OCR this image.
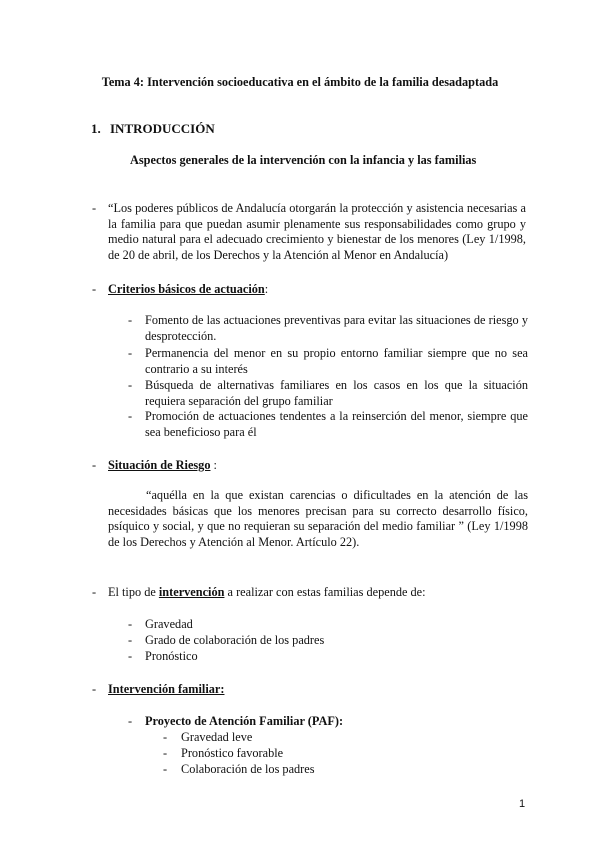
Tema 4: Intervención socioeducativa en el ámbito de la familia desadaptada
1. INTRODUCCIÓN
Aspectos generales de la intervención con la infancia y las familias
- “Los poderes públicos de Andalucía otorgarán la protección y asistencia necesarias a la familia para que puedan asumir plenamente sus responsabilidades como grupo y medio natural para el adecuado crecimiento y bienestar de los menores (Ley 1/1998, de 20 de abril, de los Derechos y la Atención al Menor en Andalucía)
- Criterios básicos de actuación:
- Fomento de las actuaciones preventivas para evitar las situaciones de riesgo y desprotección.
- Permanencia del menor en su propio entorno familiar siempre que no sea contrario a su interés
- Búsqueda de alternativas familiares en los casos en los que la situación requiera separación del grupo familiar
- Promoción de actuaciones tendentes a la reinserción del menor, siempre que sea beneficioso para él
- Situación de Riesgo :
“aquélla en la que existan carencias o dificultades en la atención de las necesidades básicas que los menores precisan para su correcto desarrollo físico, psíquico y social, y que no requieran su separación del medio familiar ” (Ley 1/1998 de los Derechos y Atención al Menor. Artículo 22).
- El tipo de intervención a realizar con estas familias depende de:
- Gravedad
- Grado de colaboración de los padres
- Pronóstico
- Intervención familiar:
- Proyecto de Atención Familiar (PAF):
- Gravedad leve
- Pronóstico favorable
- Colaboración de los padres
1
